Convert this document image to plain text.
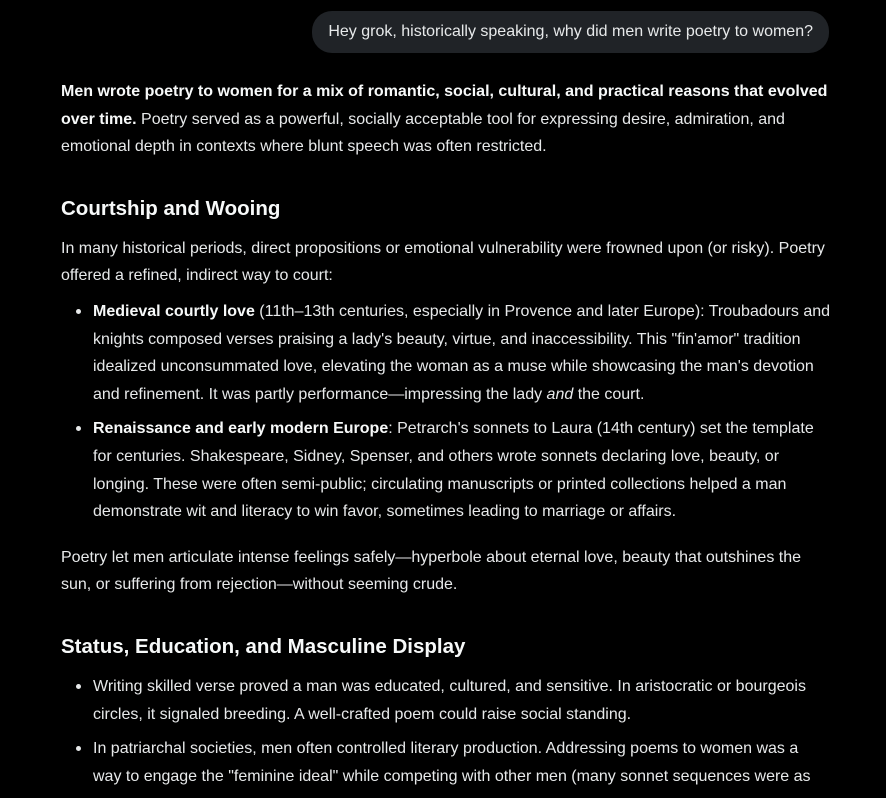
Hey grok, historically speaking, why did men write poetry to women?

Men wrote poetry to women for a mix of romantic, social, cultural, and practical reasons that evolved over time. Poetry served as a powerful, socially acceptable tool for expressing desire, admiration, and emotional depth in contexts where blunt speech was often restricted.

Courtship and Wooing

In many historical periods, direct propositions or emotional vulnerability were frowned upon (or risky). Poetry offered a refined, indirect way to court:

Medieval courtly love (11th–13th centuries, especially in Provence and later Europe): Troubadours and knights composed verses praising a lady's beauty, virtue, and inaccessibility. This "fin'amor" tradition idealized unconsummated love, elevating the woman as a muse while showcasing the man's devotion and refinement. It was partly performance—impressing the lady and the court.
Renaissance and early modern Europe: Petrarch's sonnets to Laura (14th century) set the template for centuries. Shakespeare, Sidney, Spenser, and others wrote sonnets declaring love, beauty, or longing. These were often semi-public; circulating manuscripts or printed collections helped a man demonstrate wit and literacy to win favor, sometimes leading to marriage or affairs.

Poetry let men articulate intense feelings safely—hyperbole about eternal love, beauty that outshines the sun, or suffering from rejection—without seeming crude.

Status, Education, and Masculine Display
Writing skilled verse proved a man was educated, cultured, and sensitive. In aristocratic or bourgeois circles, it signaled breeding. A well-crafted poem could raise social standing.
In patriarchal societies, men often controlled literary production. Addressing poems to women was a way to engage the "feminine ideal" while competing with other men (many sonnet sequences were as
